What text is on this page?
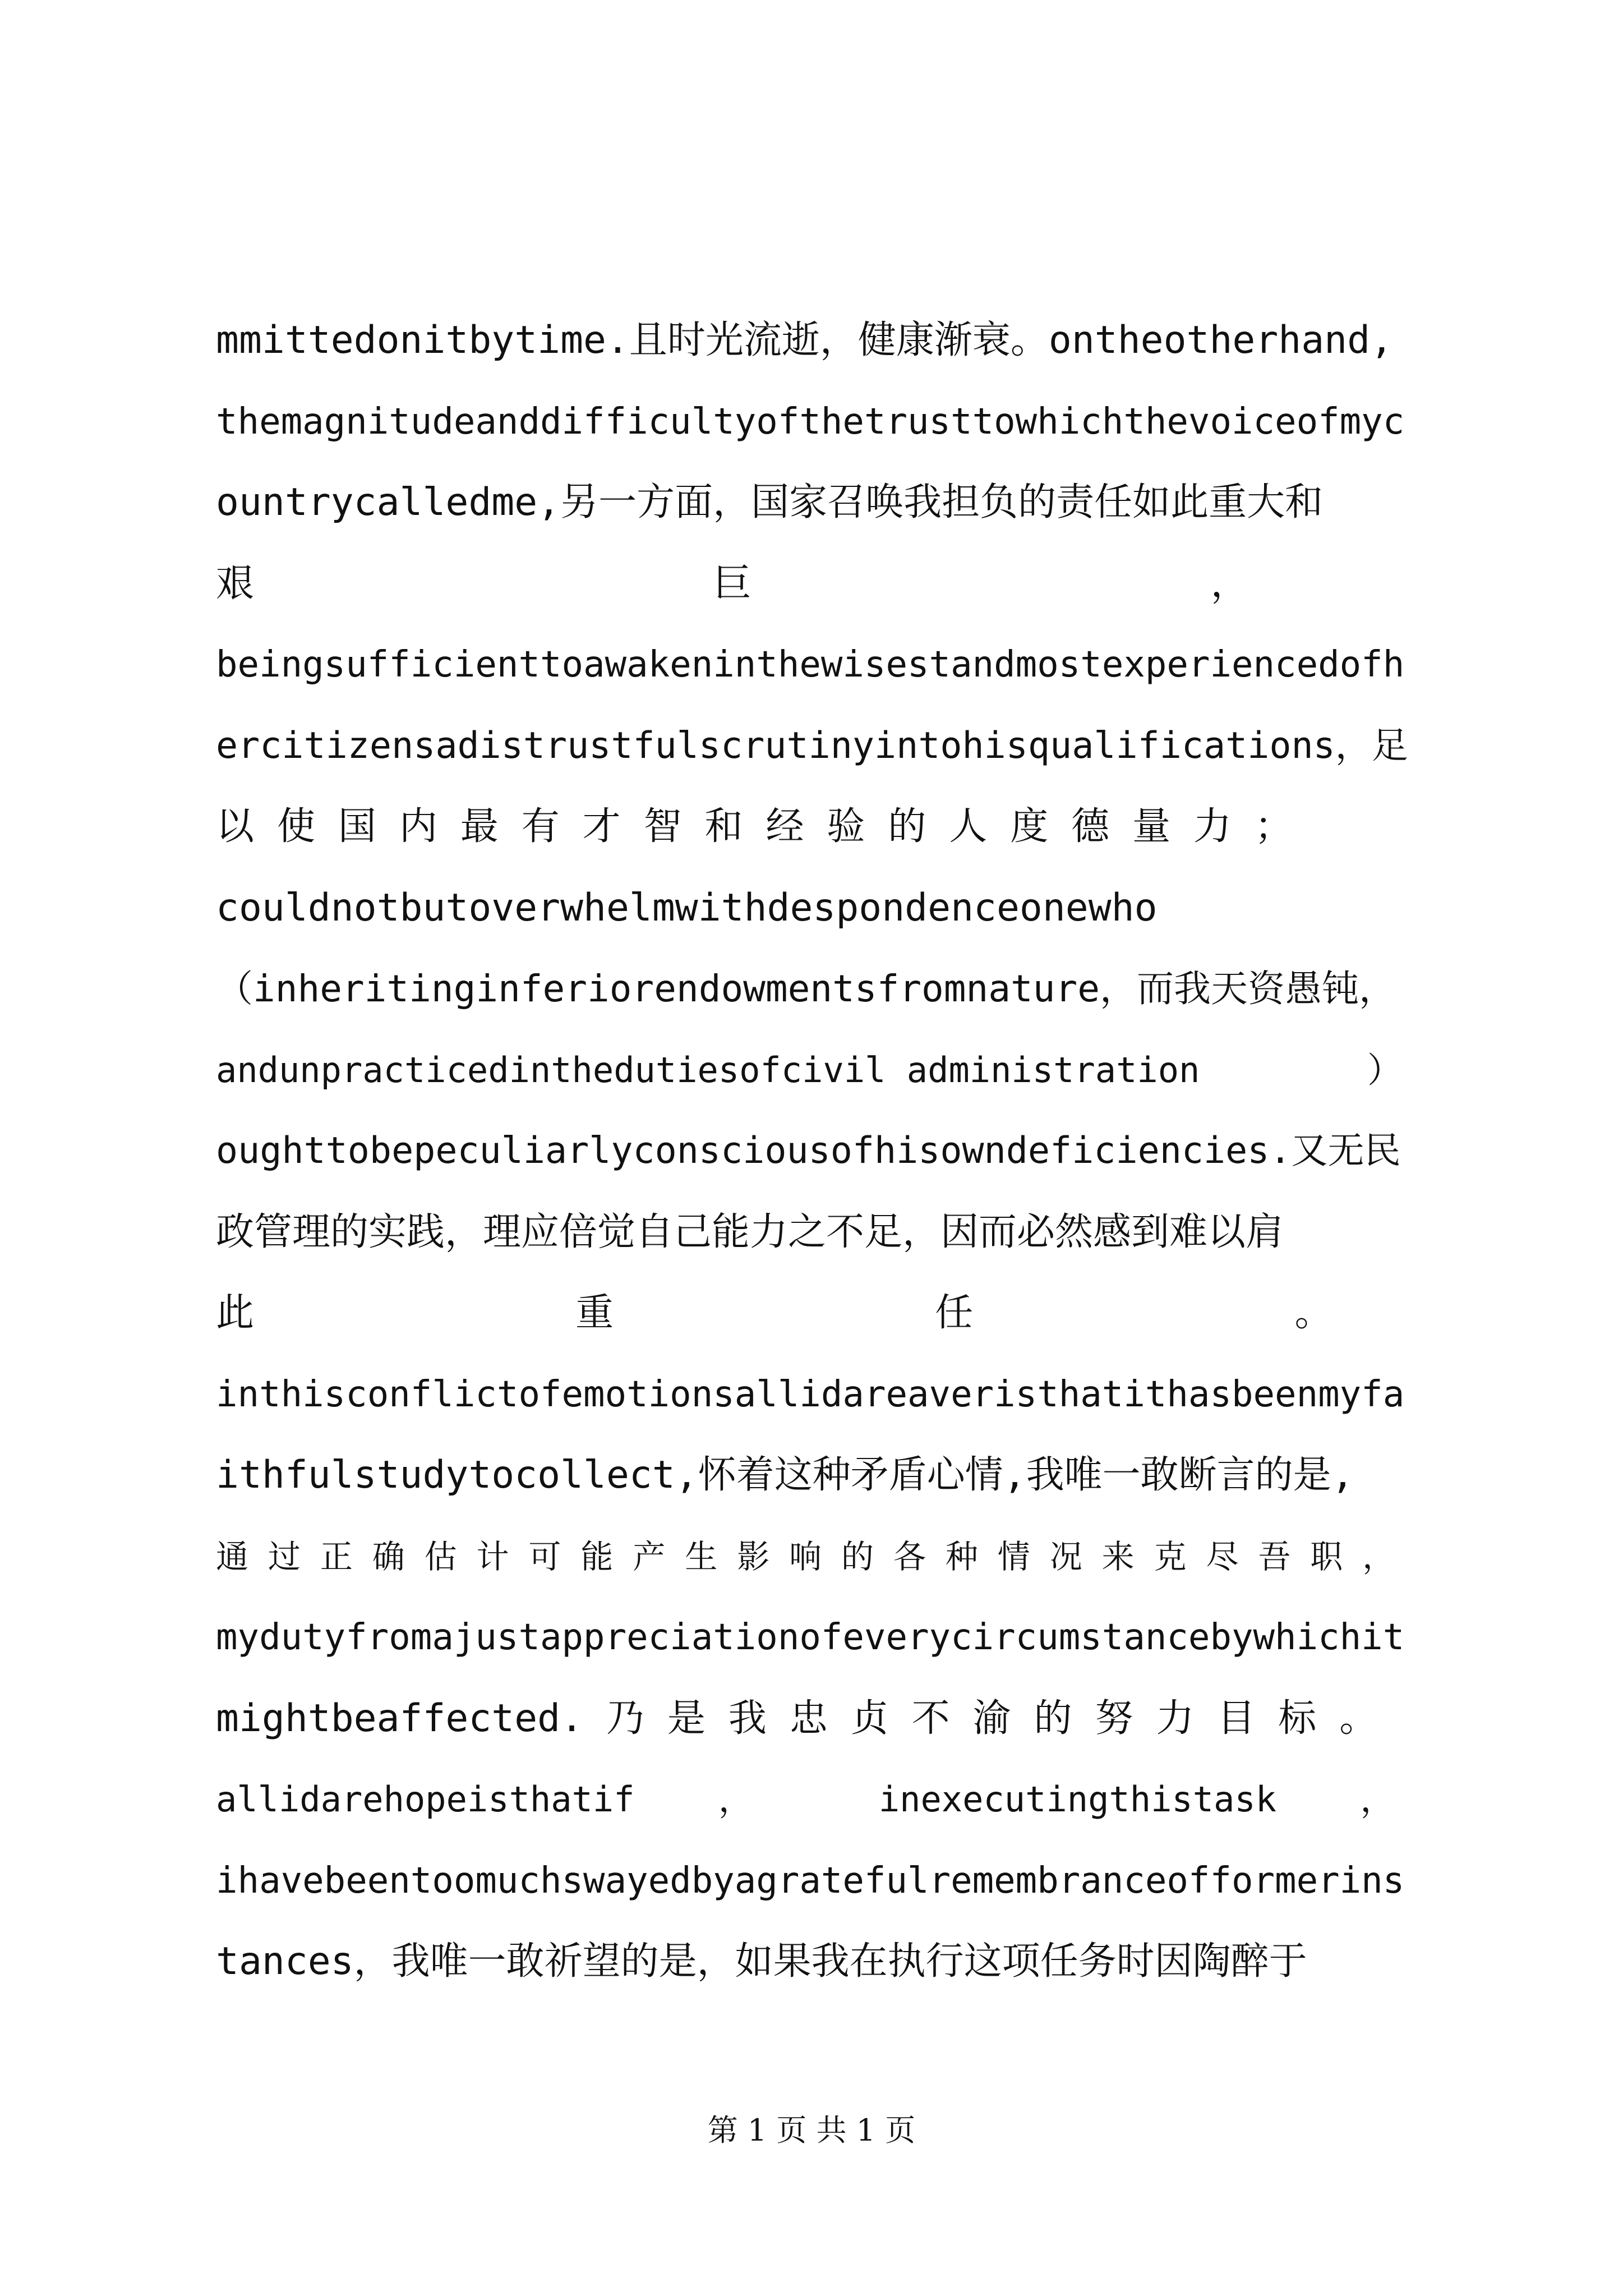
mmittedonitbytime.且时光流逝，健康渐衰。ontheotherhand,
themagnitudeanddifficultyofthetrusttowhichthevoiceofmyc
ountrycalledme,另一方面，国家召唤我担负的责任如此重大和
艰                    巨                    ，
beingsufficienttoawakeninthewisestandmostexperiencedofh
ercitizensadistrustfulscrutinyintohisqualifications，足
以 使 国 内 最 有 才 智 和 经 验 的 人 度 德 量 力 ；
couldnotbutoverwhelmwithdespondenceonewho
（inheritinginferiorendowmentsfromnature，而我天资愚钝，
andunpracticedinthedutiesofcivil administration        ）
oughttobepeculiarlyconsciousofhisowndeficiencies.又无民
政管理的实践，理应倍觉自己能力之不足，因而必然感到难以肩
此              重              任              。
inthisconflictofemotionsallidareaveristhatithasbeenmyfa
ithfulstudytocollect,怀着这种矛盾心情,我唯一敢断言的是,
通 过 正 确 估 计 可 能 产 生 影 响 的 各 种 情 况 来 克 尽 吾 职 ，
mydutyfromajustappreciationofeverycircumstancebywhichit
mightbeaffected. 乃 是 我 忠 贞 不 渝 的 努 力 目 标 。
allidarehopeisthatif    ，      inexecutingthistask    ，
ihavebeentoomuchswayedbyagratefulremembranceofformerins
tances，我唯一敢祈望的是，如果我在执行这项任务时因陶醉于
第 1 页 共 1 页
